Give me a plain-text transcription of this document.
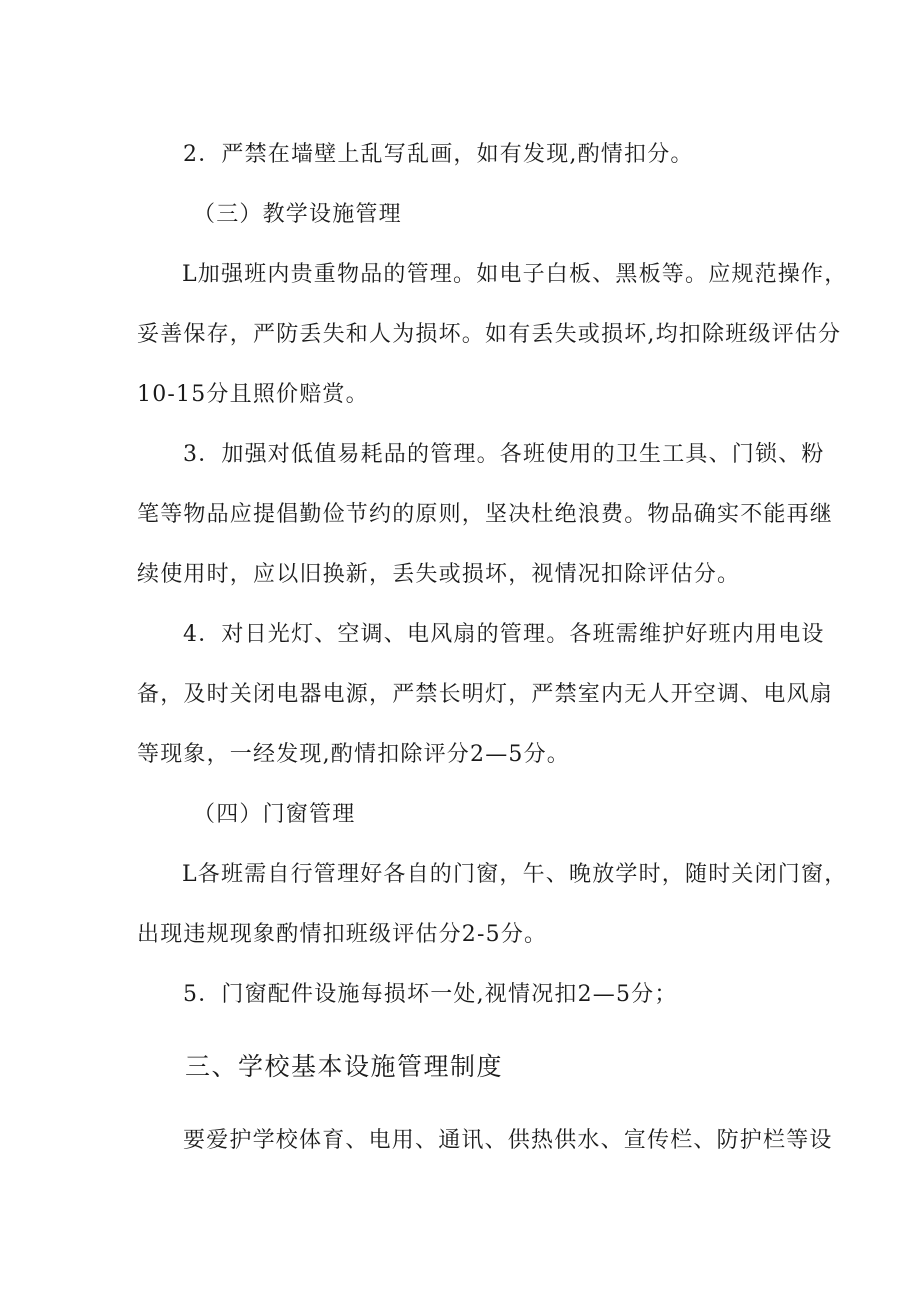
2．严禁在墙壁上乱写乱画，如有发现,酌情扣分。
（三）教学设施管理
L加强班内贵重物品的管理。如电子白板、黑板等。应规范操作，
妥善保存，严防丢失和人为损坏。如有丢失或损坏,均扣除班级评估分
10-15分且照价赔赏。
3．加强对低值易耗品的管理。各班使用的卫生工具、门锁、粉
笔等物品应提倡勤俭节约的原则，坚决杜绝浪费。物品确实不能再继
续使用时，应以旧换新，丢失或损坏，视情况扣除评估分。
4．对日光灯、空调、电风扇的管理。各班需维护好班内用电设
备，及时关闭电器电源，严禁长明灯，严禁室内无人开空调、电风扇
等现象，一经发现,酌情扣除评分2—5分。
（四）门窗管理
L各班需自行管理好各自的门窗，午、晚放学时，随时关闭门窗，
出现违规现象酌情扣班级评估分2-5分。
5．门窗配件设施每损坏一处,视情况扣2—5分；
三、学校基本设施管理制度
要爱护学校体育、电用、通讯、供热供水、宣传栏、防护栏等设
